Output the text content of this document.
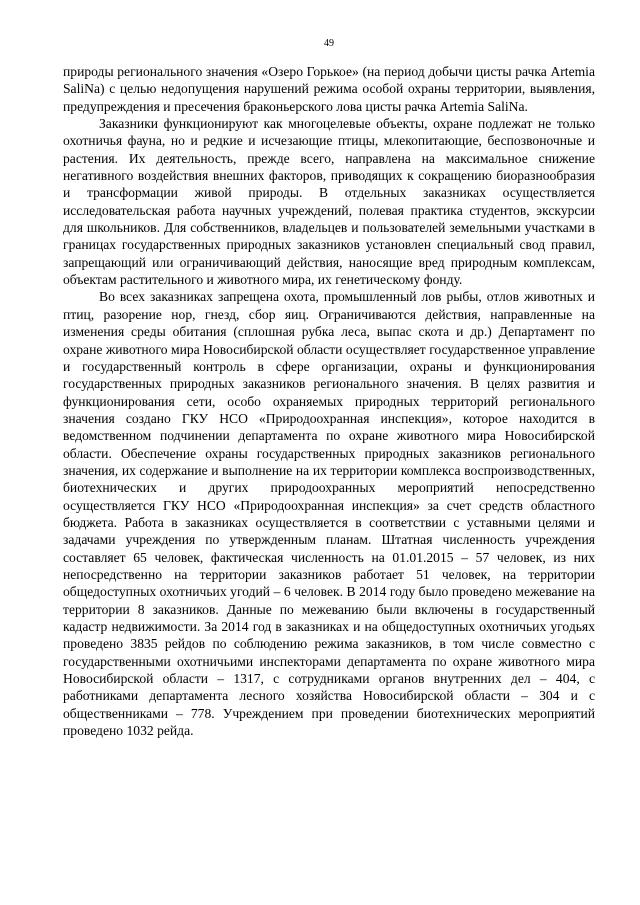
49

природы регионального значения «Озеро Горькое» (на период добычи цисты рачка Artemia SaliNa) с целью недопущения нарушений режима особой охраны территории, выявления, предупреждения и пресечения браконьерского лова цисты рачка Artemia SaliNa.

Заказники функционируют как многоцелевые объекты, охране подлежат не только охотничья фауна, но и редкие и исчезающие птицы, млекопитающие, беспозвоночные и растения. Их деятельность, прежде всего, направлена на максимальное снижение негативного воздействия внешних факторов, приводящих к сокращению биоразнообразия и трансформации живой природы. В отдельных заказниках осуществляется исследовательская работа научных учреждений, полевая практика студентов, экскурсии для школьников. Для собственников, владельцев и пользователей земельными участками в границах государственных природных заказников установлен специальный свод правил, запрещающий или ограничивающий действия, наносящие вред природным комплексам, объектам растительного и животного мира, их генетическому фонду.

Во всех заказниках запрещена охота, промышленный лов рыбы, отлов животных и птиц, разорение нор, гнезд, сбор яиц. Ограничиваются действия, направленные на изменения среды обитания (сплошная рубка леса, выпас скота и др.) Департамент по охране животного мира Новосибирской области осуществляет государственное управление и государственный контроль в сфере организации, охраны и функционирования государственных природных заказников регионального значения. В целях развития и функционирования сети, особо охраняемых природных территорий регионального значения создано ГКУ НСО «Природоохранная инспекция», которое находится в ведомственном подчинении департамента по охране животного мира Новосибирской области. Обеспечение охраны государственных природных заказников регионального значения, их содержание и выполнение на их территории комплекса воспроизводственных, биотехнических и других природоохранных мероприятий непосредственно осуществляется ГКУ НСО «Природоохранная инспекция» за счет средств областного бюджета. Работа в заказниках осуществляется в соответствии с уставными целями и задачами учреждения по утвержденным планам. Штатная численность учреждения составляет 65 человек, фактическая численность на 01.01.2015 – 57 человек, из них непосредственно на территории заказников работает 51 человек, на территории общедоступных охотничьих угодий – 6 человек. В 2014 году было проведено межевание на территории 8 заказников. Данные по межеванию были включены в государственный кадастр недвижимости. За 2014 год в заказниках и на общедоступных охотничьих угодьях проведено 3835 рейдов по соблюдению режима заказников, в том числе совместно с государственными охотничьими инспекторами департамента по охране животного мира Новосибирской области – 1317, с сотрудниками органов внутренних дел – 404, с работниками департамента лесного хозяйства Новосибирской области – 304 и с общественниками – 778. Учреждением при проведении биотехнических мероприятий проведено 1032 рейда.
